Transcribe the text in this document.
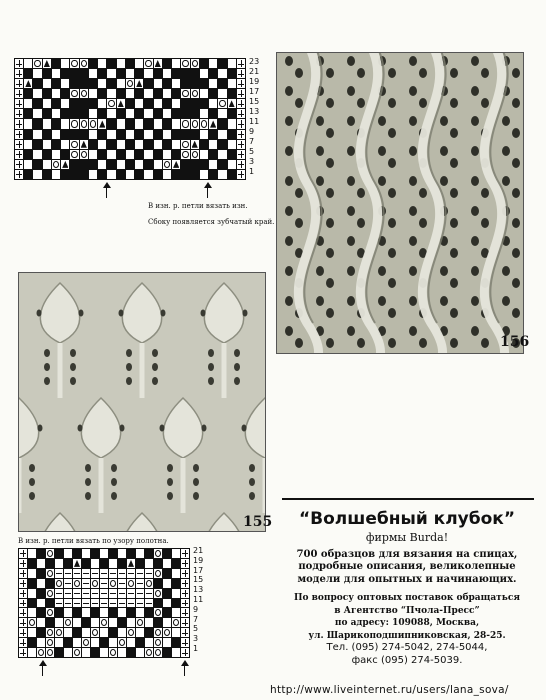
23
21
19
17
15
13
11
9
7
5
3
1
В изн. р. петли вязать изн.
Сбоку появляется зубчатый край.
156
155
В изн. р. петли вязать по узору полотна.
21
19
17
15
13
11
9
7
5
3
1
“Волшебный клубок”
фирмы Burda!
700 образцов для вязания на спицах,
подробные описания, великолепные
модели для опытных и начинающих.
По вопросу оптовых поставок обращаться
в Агентство “Пчола-Пресс”
по адресу: 109088, Москва,
ул. Шарикоподшипниковская, 28-25.
Тел. (095) 274-5042, 274-5044,
факс (095) 274-5039.
http://www.liveinternet.ru/users/lana_sova/
